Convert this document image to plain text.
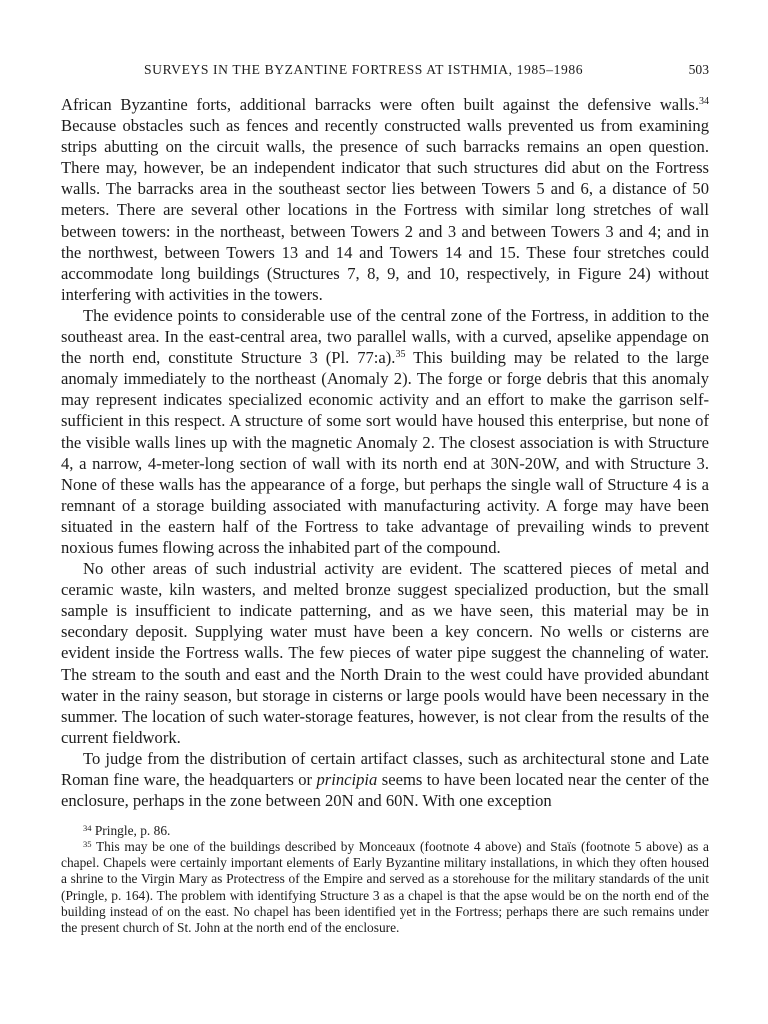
SURVEYS IN THE BYZANTINE FORTRESS AT ISTHMIA, 1985–1986	503

African Byzantine forts, additional barracks were often built against the defensive walls.$^{34}$ Because obstacles such as fences and recently constructed walls prevented us from examining strips abutting on the circuit walls, the presence of such barracks remains an open question. There may, however, be an independent indicator that such structures did abut on the Fortress walls. The barracks area in the southeast sector lies between Towers 5 and 6, a distance of 50 meters. There are several other locations in the Fortress with similar long stretches of wall between towers: in the northeast, between Towers 2 and 3 and between Towers 3 and 4; and in the northwest, between Towers 13 and 14 and Towers 14 and 15. These four stretches could accommodate long buildings (Structures 7, 8, 9, and 10, respectively, in Figure 24) without interfering with activities in the towers.

The evidence points to considerable use of the central zone of the Fortress, in addition to the southeast area. In the east-central area, two parallel walls, with a curved, apselike appendage on the north end, constitute Structure 3 (Pl. 77:a).$^{35}$ This building may be related to the large anomaly immediately to the northeast (Anomaly 2). The forge or forge debris that this anomaly may represent indicates specialized economic activity and an effort to make the garrison self-sufficient in this respect. A structure of some sort would have housed this enterprise, but none of the visible walls lines up with the magnetic Anomaly 2. The closest association is with Structure 4, a narrow, 4-meter-long section of wall with its north end at 30N-20W, and with Structure 3. None of these walls has the appearance of a forge, but perhaps the single wall of Structure 4 is a remnant of a storage building associated with manufacturing activity. A forge may have been situated in the eastern half of the Fortress to take advantage of prevailing winds to prevent noxious fumes flowing across the inhabited part of the compound.

No other areas of such industrial activity are evident. The scattered pieces of metal and ceramic waste, kiln wasters, and melted bronze suggest specialized production, but the small sample is insufficient to indicate patterning, and as we have seen, this material may be in secondary deposit. Supplying water must have been a key concern. No wells or cisterns are evident inside the Fortress walls. The few pieces of water pipe suggest the channeling of water. The stream to the south and east and the North Drain to the west could have provided abundant water in the rainy season, but storage in cisterns or large pools would have been necessary in the summer. The location of such water-storage features, however, is not clear from the results of the current fieldwork.

To judge from the distribution of certain artifact classes, such as architectural stone and Late Roman fine ware, the headquarters or principia seems to have been located near the center of the enclosure, perhaps in the zone between 20N and 60N. With one exception

$^{34}$ Pringle, p. 86.

$^{35}$ This may be one of the buildings described by Monceaux (footnote 4 above) and Staïs (footnote 5 above) as a chapel. Chapels were certainly important elements of Early Byzantine military installations, in which they often housed a shrine to the Virgin Mary as Protectress of the Empire and served as a storehouse for the military standards of the unit (Pringle, p. 164). The problem with identifying Structure 3 as a chapel is that the apse would be on the north end of the building instead of on the east. No chapel has been identified yet in the Fortress; perhaps there are such remains under the present church of St. John at the north end of the enclosure.
